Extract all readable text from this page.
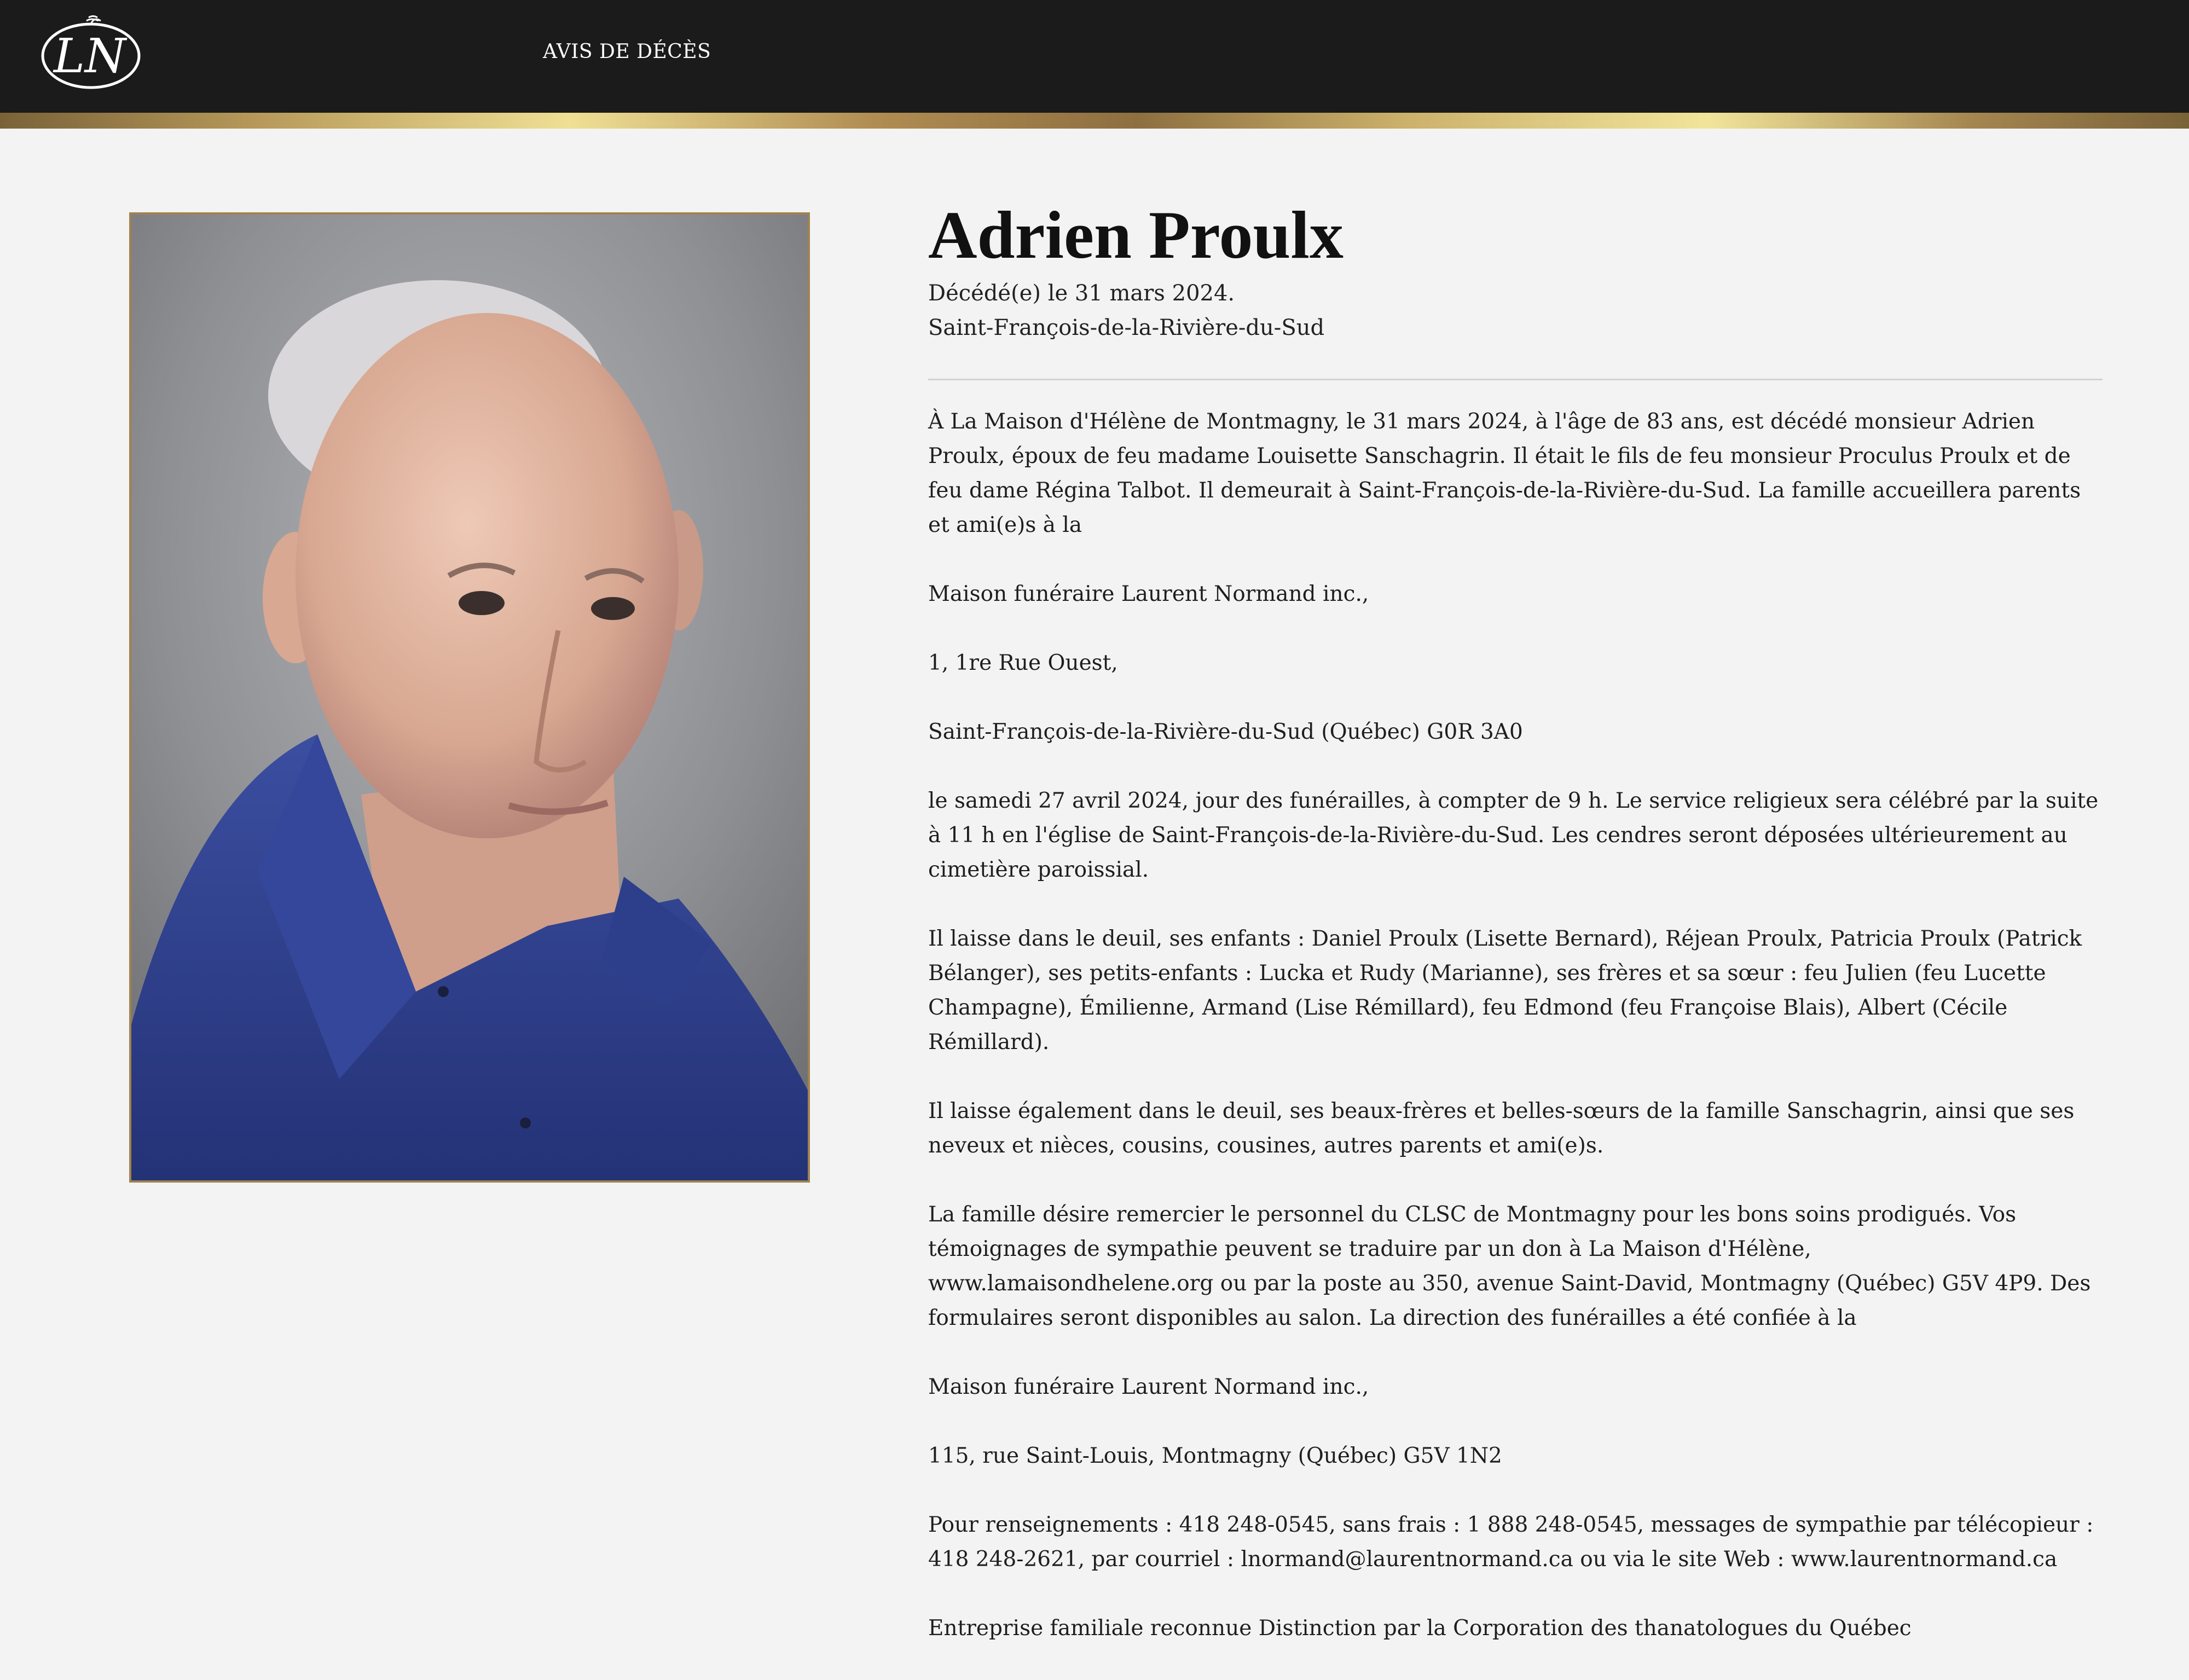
LN	AVIS DE DÉCÈS
Adrien Proulx
Décédé(e) le 31 mars 2024.
Saint-François-de-la-Rivière-du-Sud

À La Maison d'Hélène de Montmagny, le 31 mars 2024, à l'âge de 83 ans, est décédé monsieur Adrien Proulx, époux de feu madame Louisette Sanschagrin. Il était le fils de feu monsieur Proculus Proulx et de feu dame Régina Talbot. Il demeurait à Saint-François-de-la-Rivière-du-Sud. La famille accueillera parents et ami(e)s à la

Maison funéraire Laurent Normand inc.,

1, 1re Rue Ouest,

Saint-François-de-la-Rivière-du-Sud (Québec) G0R 3A0

le samedi 27 avril 2024, jour des funérailles, à compter de 9 h. Le service religieux sera célébré par la suite à 11 h en l'église de Saint-François-de-la-Rivière-du-Sud. Les cendres seront déposées ultérieurement au cimetière paroissial.

Il laisse dans le deuil, ses enfants : Daniel Proulx (Lisette Bernard), Réjean Proulx, Patricia Proulx (Patrick Bélanger), ses petits-enfants : Lucka et Rudy (Marianne), ses frères et sa sœur : feu Julien (feu Lucette Champagne), Émilienne, Armand (Lise Rémillard), feu Edmond (feu Françoise Blais), Albert (Cécile Rémillard).

Il laisse également dans le deuil, ses beaux-frères et belles-sœurs de la famille Sanschagrin, ainsi que ses neveux et nièces, cousins, cousines, autres parents et ami(e)s.

La famille désire remercier le personnel du CLSC de Montmagny pour les bons soins prodigués. Vos témoignages de sympathie peuvent se traduire par un don à La Maison d'Hélène, www.lamaisondhelene.org ou par la poste au 350, avenue Saint-David, Montmagny (Québec) G5V 4P9. Des formulaires seront disponibles au salon. La direction des funérailles a été confiée à la

Maison funéraire Laurent Normand inc.,

115, rue Saint-Louis, Montmagny (Québec) G5V 1N2

Pour renseignements : 418 248-0545, sans frais : 1 888 248-0545, messages de sympathie par télécopieur : 418 248-2621, par courriel : lnormand@laurentnormand.ca ou via le site Web : www.laurentnormand.ca

Entreprise familiale reconnue Distinction par la Corporation des thanatologues du Québec
